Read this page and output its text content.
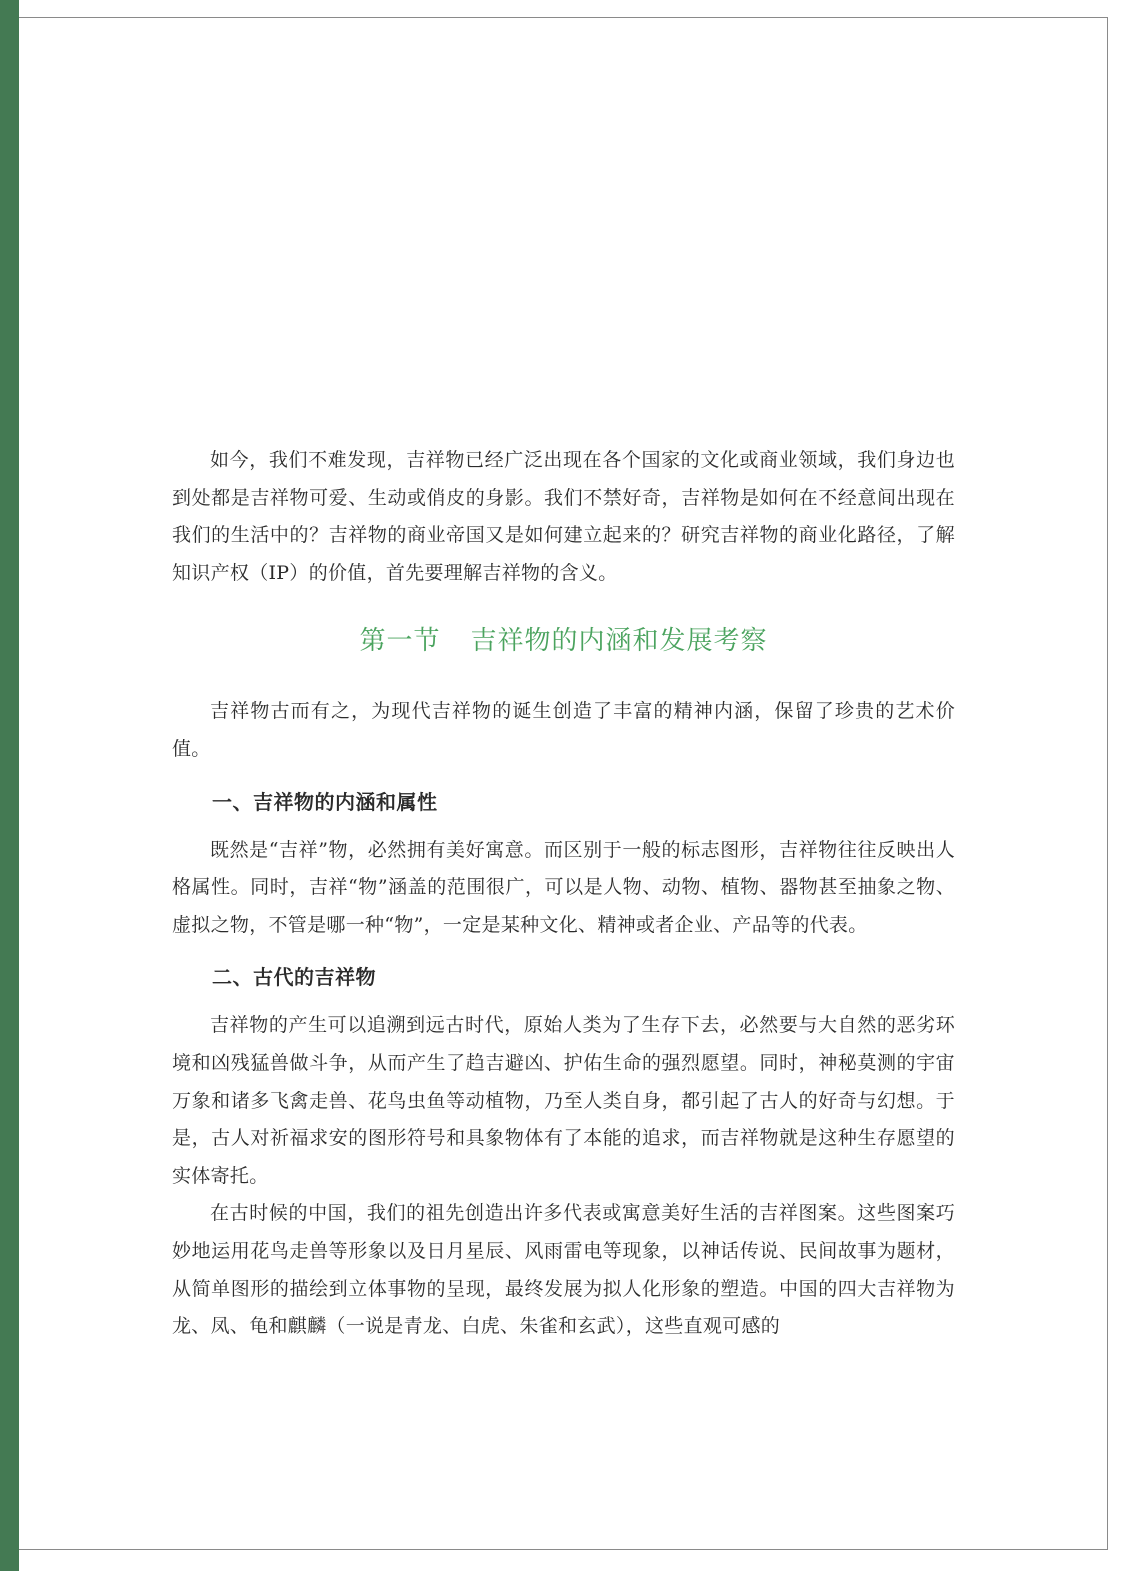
如今，我们不难发现，吉祥物已经广泛出现在各个国家的文化或商业领域，我们身边也到处都是吉祥物可爱、生动或俏皮的身影。我们不禁好奇，吉祥物是如何在不经意间出现在我们的生活中的？吉祥物的商业帝国又是如何建立起来的？研究吉祥物的商业化路径，了解知识产权（IP）的价值，首先要理解吉祥物的含义。

第一节 吉祥物的内涵和发展考察

吉祥物古而有之，为现代吉祥物的诞生创造了丰富的精神内涵，保留了珍贵的艺术价值。

一、吉祥物的内涵和属性

既然是“吉祥”物，必然拥有美好寓意。而区别于一般的标志图形，吉祥物往往反映出人格属性。同时，吉祥“物”涵盖的范围很广，可以是人物、动物、植物、器物甚至抽象之物、虚拟之物，不管是哪一种“物”，一定是某种文化、精神或者企业、产品等的代表。

二、古代的吉祥物

吉祥物的产生可以追溯到远古时代，原始人类为了生存下去，必然要与大自然的恶劣环境和凶残猛兽做斗争，从而产生了趋吉避凶、护佑生命的强烈愿望。同时，神秘莫测的宇宙万象和诸多飞禽走兽、花鸟虫鱼等动植物，乃至人类自身，都引起了古人的好奇与幻想。于是，古人对祈福求安的图形符号和具象物体有了本能的追求，而吉祥物就是这种生存愿望的实体寄托。

在古时候的中国，我们的祖先创造出许多代表或寓意美好生活的吉祥图案。这些图案巧妙地运用花鸟走兽等形象以及日月星辰、风雨雷电等现象，以神话传说、民间故事为题材，从简单图形的描绘到立体事物的呈现，最终发展为拟人化形象的塑造。中国的四大吉祥物为龙、凤、龟和麒麟（一说是青龙、白虎、朱雀和玄武），这些直观可感的
